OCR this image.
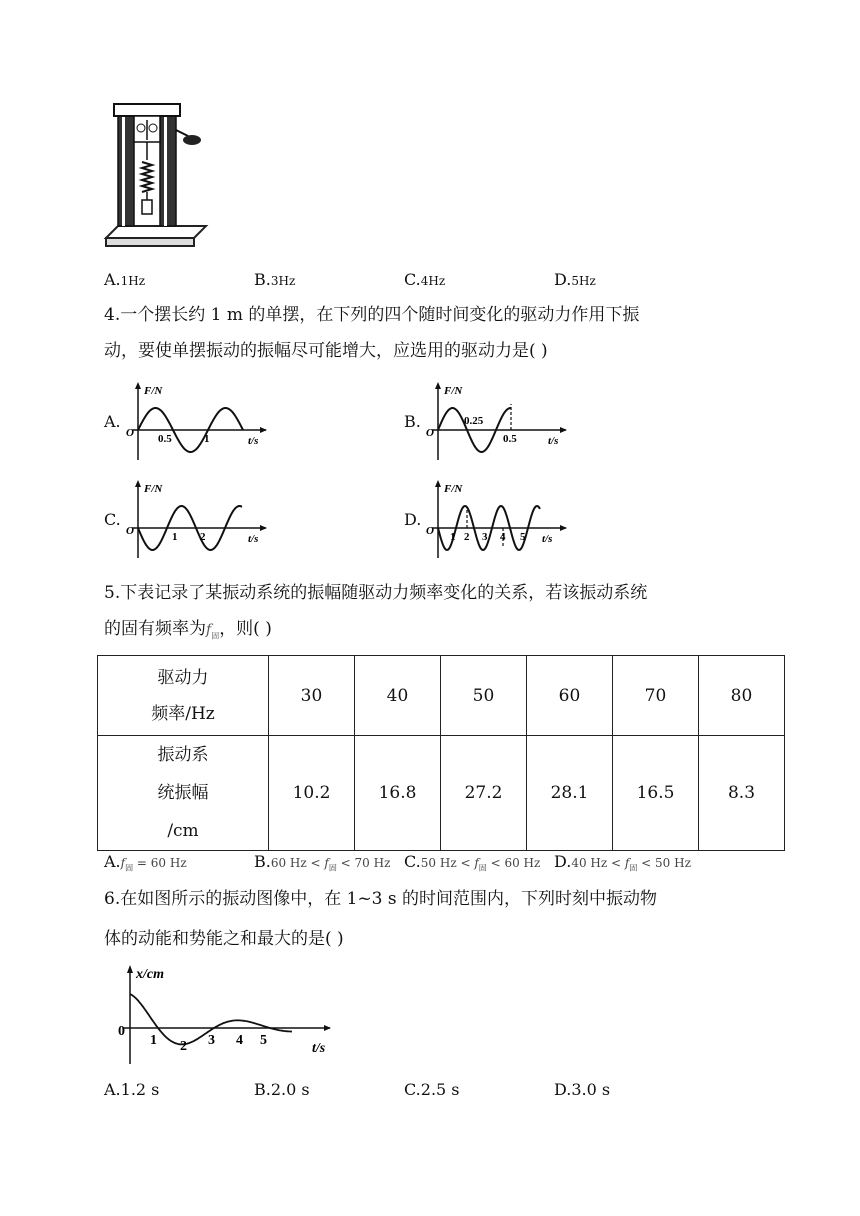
A.1Hz	B.3Hz	C.4Hz	D.5Hz
4.一个摆长约 1 m 的单摆，在下列的四个随时间变化的驱动力作用下振
动，要使单摆振动的振幅尽可能增大，应选用的驱动力是( )
A.
F/N
O
t/s
0.5	1
B.
F/N
O
t/s
0.25
0.5
C.
F/N
O
t/s
1 2
D.
F/N
O
t/s
1 2 3 4 5
5.下表记录了某振动系统的振幅随驱动力频率变化的关系，若该振动系统
的固有频率为$f_固$，则( )
驱动力
频率/Hz	30	40	50	60	70	80

振动系
统振幅
/cm	10.2	16.8	27.2	28.1	16.5	8.3
$A.f_固 = 60$ Hz	B.60 $Hz < f_固 < 70$ Hz C.50 $Hz < f_固 < 60$ Hz D.40 $Hz < f_固 < 50$ Hz
6.在如图所示的振动图像中，在 1~3 s 的时间范围内，下列时刻中振动物
体的动能和势能之和最大的是( )
x/cm
0
t/s
1 2 3 4 5
A.1.2 s	B.2.0 s	C.2.5 s	D.3.0 s
